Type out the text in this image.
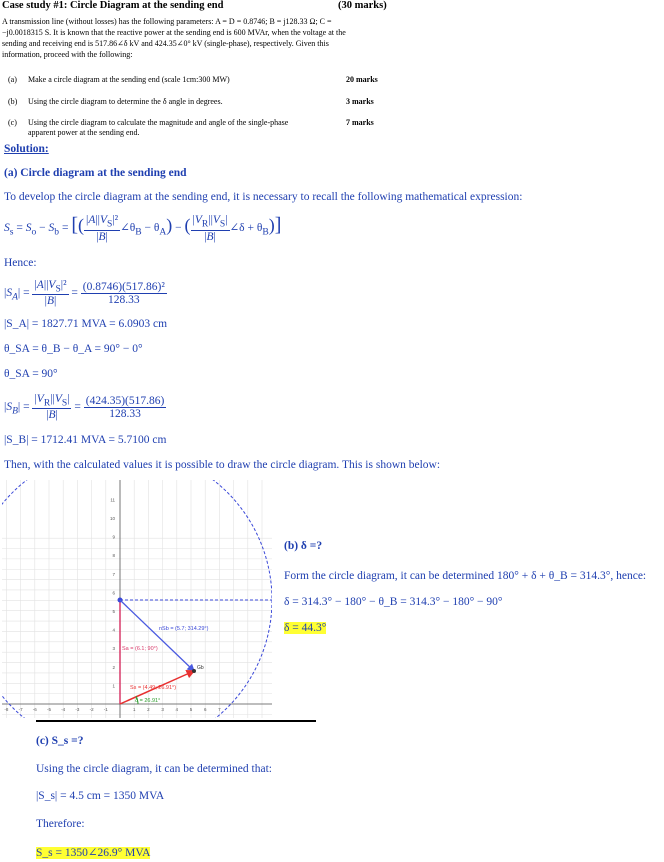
Case study #1: Circle Diagram at the sending end	(30 marks)
A transmission line (without losses) has the following parameters: A = D = 0.8746; B = j128.33 Ω; C =
−j0.0018315 S. It is known that the reactive power at the sending end is 600 MVAr, when the voltage at the
sending and receiving end is 517.86∠δ kV and 424.35∠0° kV (single-phase), respectively. Given this
information, proceed with the following:
(a) Make a circle diagram at the sending end (scale 1cm:300 MW)	20 marks
(b) Using the circle diagram to determine the δ angle in degrees.	3 marks
(c) Using the circle diagram to calculate the magnitude and angle of the single-phase
apparent power at the sending end.
7 marks
Solution:
(a) Circle diagram at the sending end
To develop the circle diagram at the sending end, it is necessary to recall the following mathematical expression:
$S_s = S_o - S_b$ = [( $\frac{|A||V_S|^2}{|B|}$ $\angle\theta_B - \theta_A$) − ( $\frac{|V_R||V_S|}{|B|}$ ∠δ + $\theta_B$)]
Hence:
$|S_A| = \frac{|A||V_S|^2}{|B|} = \frac{\text{(0.8746)(517.86)²}}{128.33}$
|S_A| = 1827.71 MVA = 6.0903 cm
θ_SA = θ_B − θ_A = 90° − 0°
θ_SA = 90°
$|S_B| = \frac{|V_R||V_S|}{|B|} = \frac{(424.35)(517.86)}{128.33}$
|S_B| = 1712.41 MVA = 5.7100 cm
Then, with the calculated values it is possible to draw the circle diagram. This is shown below:
11
10
9
8
7
6
5
4
3
2
1
-8 -7 -6 -5 -4 -3 -2 -1	1	2	3	4	5	6	7
nSb = (5.7; 314.29°)
Sa = (6.1; 90°)
Ss = (4.49; 26.91°)
δ = 26.91°
Gb
(b) δ =?
Form the circle diagram, it can be determined 180° + δ + θ_B = 314.3°, hence:
δ = 314.3° − 180° − θ_B = 314.3° − 180° − 90°
δ = 44.3°
(c) S_s =?
Using the circle diagram, it can be determined that:
|S_s| = 4.5 cm = 1350 MVA
Therefore:
S_s = 1350∠26.9° MVA
